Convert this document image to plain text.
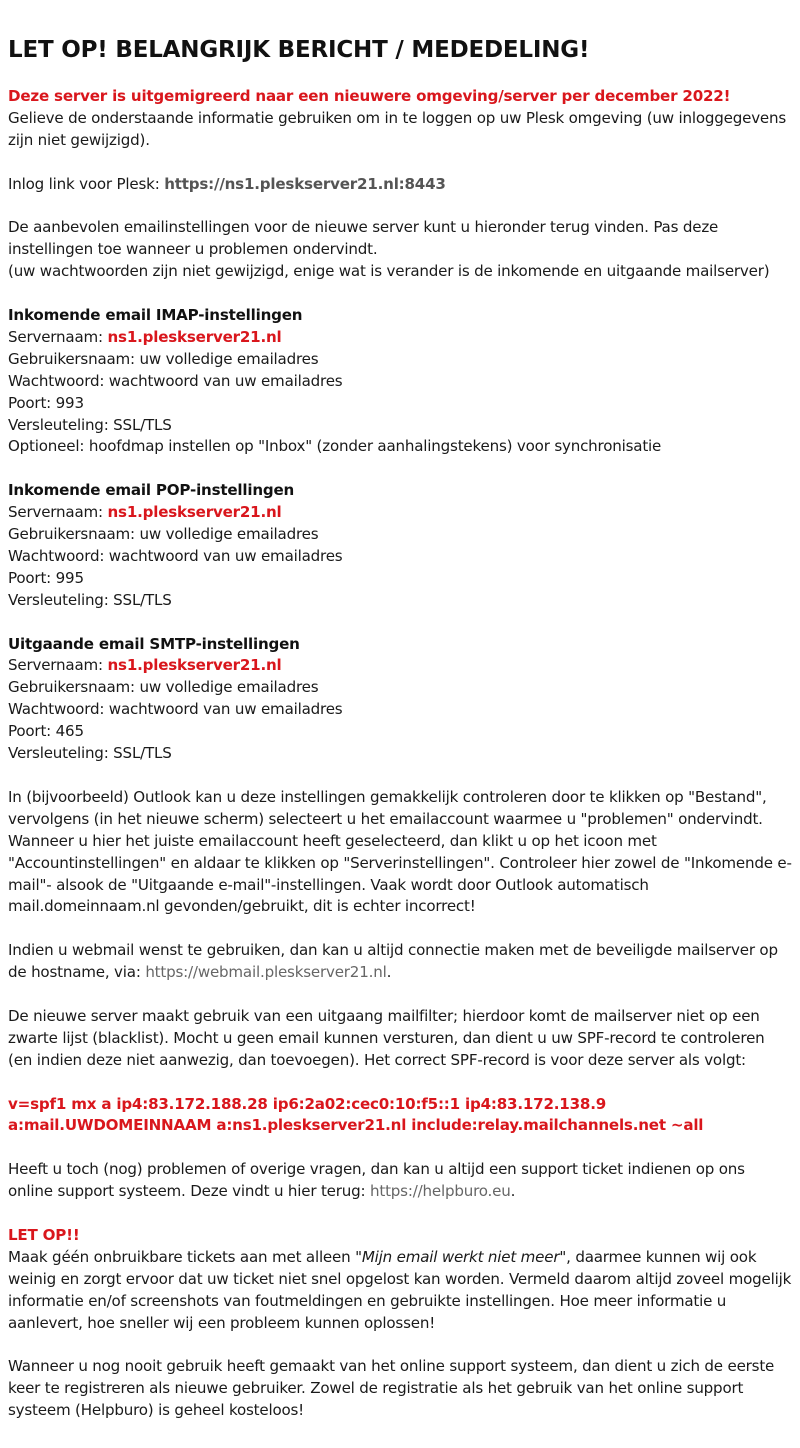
LET OP! BELANGRIJK BERICHT / MEDEDELING!

Deze server is uitgemigreerd naar een nieuwere omgeving/server per december 2022!
Gelieve de onderstaande informatie gebruiken om in te loggen op uw Plesk omgeving (uw inloggegevens zijn niet gewijzigd).

Inlog link voor Plesk: https://ns1.pleskserver21.nl:8443

De aanbevolen emailinstellingen voor de nieuwe server kunt u hieronder terug vinden. Pas deze instellingen toe wanneer u problemen ondervindt.
(uw wachtwoorden zijn niet gewijzigd, enige wat is verander is de inkomende en uitgaande mailserver)

Inkomende email IMAP-instellingen
Servernaam: ns1.pleskserver21.nl
Gebruikersnaam: uw volledige emailadres
Wachtwoord: wachtwoord van uw emailadres
Poort: 993
Versleuteling: SSL/TLS
Optioneel: hoofdmap instellen op "Inbox" (zonder aanhalingstekens) voor synchronisatie

Inkomende email POP-instellingen
Servernaam: ns1.pleskserver21.nl
Gebruikersnaam: uw volledige emailadres
Wachtwoord: wachtwoord van uw emailadres
Poort: 995
Versleuteling: SSL/TLS

Uitgaande email SMTP-instellingen
Servernaam: ns1.pleskserver21.nl
Gebruikersnaam: uw volledige emailadres
Wachtwoord: wachtwoord van uw emailadres
Poort: 465
Versleuteling: SSL/TLS

In (bijvoorbeeld) Outlook kan u deze instellingen gemakkelijk controleren door te klikken op "Bestand", vervolgens (in het nieuwe scherm) selecteert u het emailaccount waarmee u "problemen" ondervindt. Wanneer u hier het juiste emailaccount heeft geselecteerd, dan klikt u op het icoon met "Accountinstellingen" en aldaar te klikken op "Serverinstellingen". Controleer hier zowel de "Inkomende e-mail"- alsook de "Uitgaande e-mail"-instellingen. Vaak wordt door Outlook automatisch mail.domeinnaam.nl gevonden/gebruikt, dit is echter incorrect!

Indien u webmail wenst te gebruiken, dan kan u altijd connectie maken met de beveiligde mailserver op de hostname, via: https://webmail.pleskserver21.nl.

De nieuwe server maakt gebruik van een uitgaang mailfilter; hierdoor komt de mailserver niet op een zwarte lijst (blacklist). Mocht u geen email kunnen versturen, dan dient u uw SPF-record te controleren (en indien deze niet aanwezig, dan toevoegen). Het correct SPF-record is voor deze server als volgt:

v=spf1 mx a ip4:83.172.188.28 ip6:2a02:cec0:10:f5::1 ip4:83.172.138.9 a:mail.UWDOMEINNAAM a:ns1.pleskserver21.nl include:relay.mailchannels.net ~all

Heeft u toch (nog) problemen of overige vragen, dan kan u altijd een support ticket indienen op ons online support systeem. Deze vindt u hier terug: https://helpburo.eu.

LET OP!!
Maak géén onbruikbare tickets aan met alleen "Mijn email werkt niet meer", daarmee kunnen wij ook weinig en zorgt ervoor dat uw ticket niet snel opgelost kan worden. Vermeld daarom altijd zoveel mogelijk informatie en/of screenshots van foutmeldingen en gebruikte instellingen. Hoe meer informatie u aanlevert, hoe sneller wij een probleem kunnen oplossen!

Wanneer u nog nooit gebruik heeft gemaakt van het online support systeem, dan dient u zich de eerste keer te registreren als nieuwe gebruiker. Zowel de registratie als het gebruik van het online support systeem (Helpburo) is geheel kosteloos!
